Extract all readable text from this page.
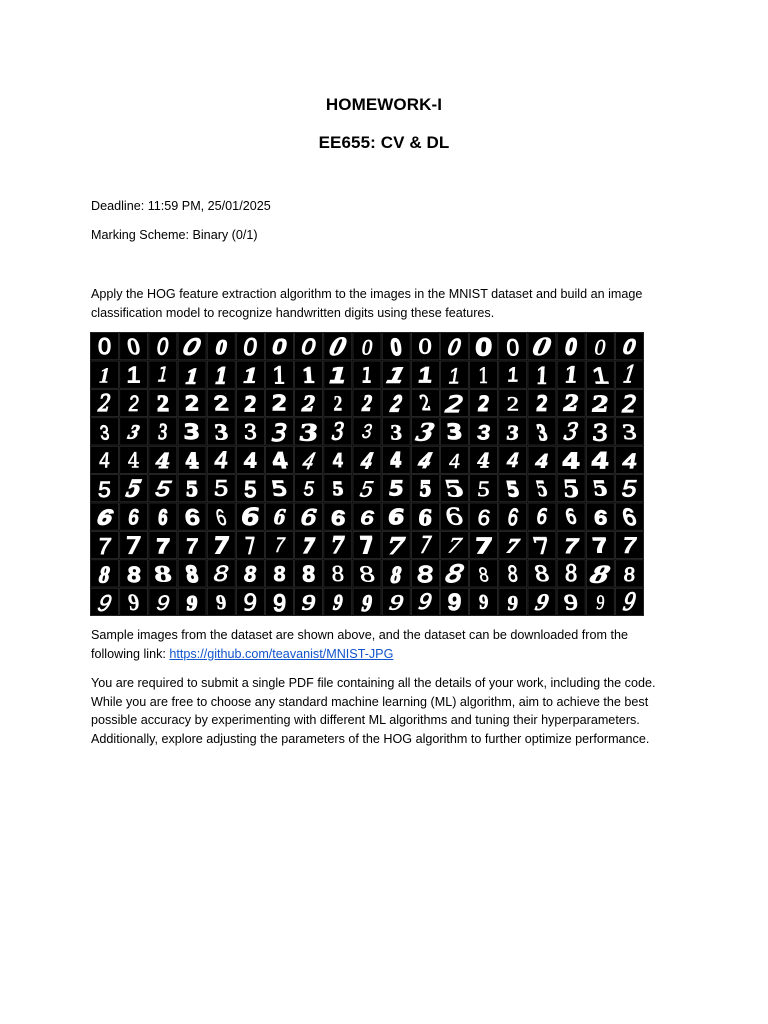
HOMEWORK-I
EE655: CV & DL
Deadline: 11:59 PM, 25/01/2025
Marking Scheme: Binary (0/1)
Apply the HOG feature extraction algorithm to the images in the MNIST dataset and build an image
classification model to recognize handwritten digits using these features.
0 0 0 0 0 0 0 0 0 0 0 0 0 0 0 0 0 0 0
1 1 1 1 1 1 1 1 1 1 1 1 1 1 1 1 1 1 1
2 2 2 2 2 2 2 2 2 2 2 2 2 2 2 2 2 2 2
3 3 3 3 3 3 3 3 3 3 3 3 3 3 3 3 3 3 3
4 4 4 4 4 4 4 4 4 4 4 4 4 4 4 4 4 4 4
5 5 5 5 5 5 5 5 5 5 5 5 5 5 5 5 5 5 5
6 6 6 6 6 6 6 6 6 6 6 6 6 6 6 6 6 6 6
7 7 7 7 7 7 7 7 7 7 7 7 7 7 7 7 7 7 7
8 8 8 8 8 8 8 8 8 8 8 8 8 8 8 8 8 8 8
9 9 9 9 9 9 9 9 9 9 9 9 9 9 9 9 9 9 9
Sample images from the dataset are shown above, and the dataset can be downloaded from the
following link: https://github.com/teavanist/MNIST-JPG
You are required to submit a single PDF file containing all the details of your work, including the code.
While you are free to choose any standard machine learning (ML) algorithm, aim to achieve the best
possible accuracy by experimenting with different ML algorithms and tuning their hyperparameters.
Additionally, explore adjusting the parameters of the HOG algorithm to further optimize performance.
